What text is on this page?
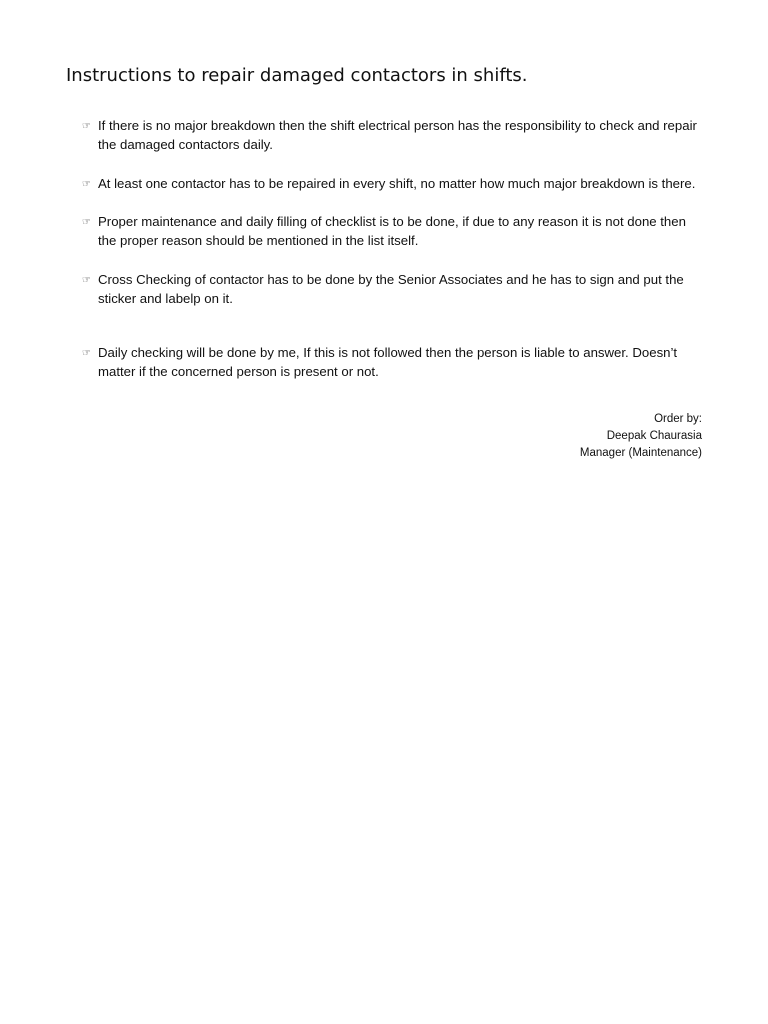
Instructions to repair damaged contactors in shifts.
☞ If there is no major breakdown then the shift electrical person has the responsibility to check and repair the damaged contactors daily.
☞ At least one contactor has to be repaired in every shift, no matter how much major breakdown is there.
☞ Proper maintenance and daily filling of checklist is to be done, if due to any reason it is not done then the proper reason should be mentioned in the list itself.
☞ Cross Checking of contactor has to be done by the Senior Associates and he has to sign and put the sticker and labelp on it.
☞ Daily checking will be done by me, If this is not followed then the person is liable to answer. Doesn’t matter if the concerned person is present or not.
Order by:
Deepak Chaurasia
Manager (Maintenance)
